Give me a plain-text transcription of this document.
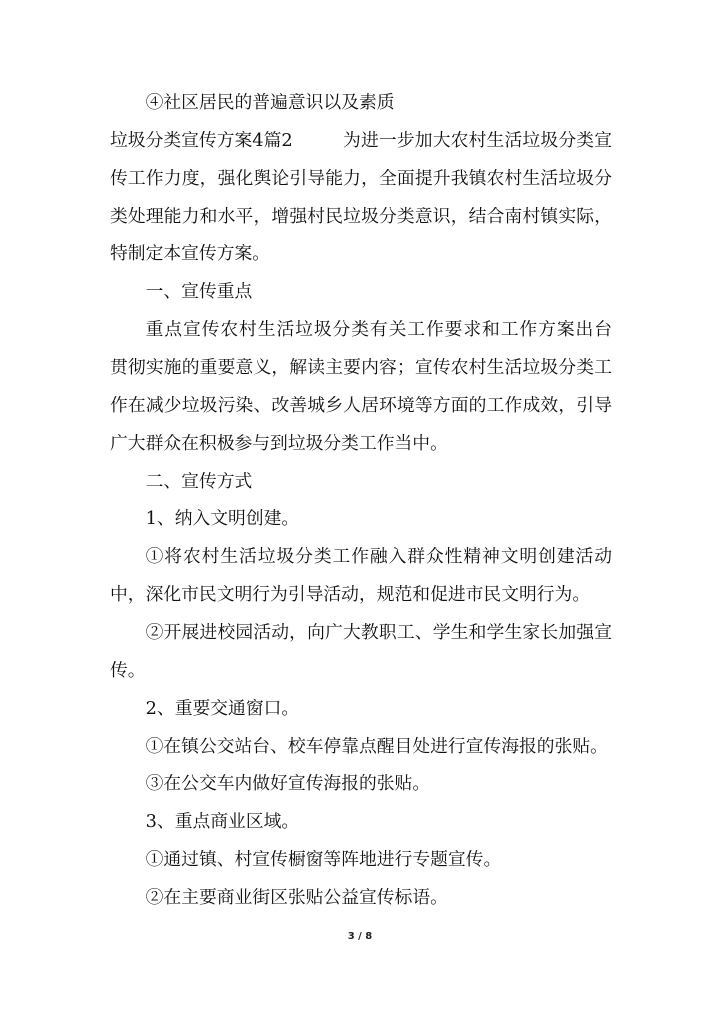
④社区居民的普遍意识以及素质
垃圾分类宣传方案4篇2	为进一步加大农村生活垃圾分类宣
传工作力度，强化舆论引导能力，全面提升我镇农村生活垃圾分
类处理能力和水平，增强村民垃圾分类意识，结合南村镇实际，
特制定本宣传方案。
一、宣传重点
重点宣传农村生活垃圾分类有关工作要求和工作方案出台
贯彻实施的重要意义，解读主要内容；宣传农村生活垃圾分类工
作在减少垃圾污染、改善城乡人居环境等方面的工作成效，引导
广大群众在积极参与到垃圾分类工作当中。
二、宣传方式
1、纳入文明创建。
①将农村生活垃圾分类工作融入群众性精神文明创建活动
中，深化市民文明行为引导活动，规范和促进市民文明行为。
②开展进校园活动，向广大教职工、学生和学生家长加强宣
传。
2、重要交通窗口。
①在镇公交站台、校车停靠点醒目处进行宣传海报的张贴。
③在公交车内做好宣传海报的张贴。
3、重点商业区域。
①通过镇、村宣传橱窗等阵地进行专题宣传。
②在主要商业街区张贴公益宣传标语。
3 / 8
